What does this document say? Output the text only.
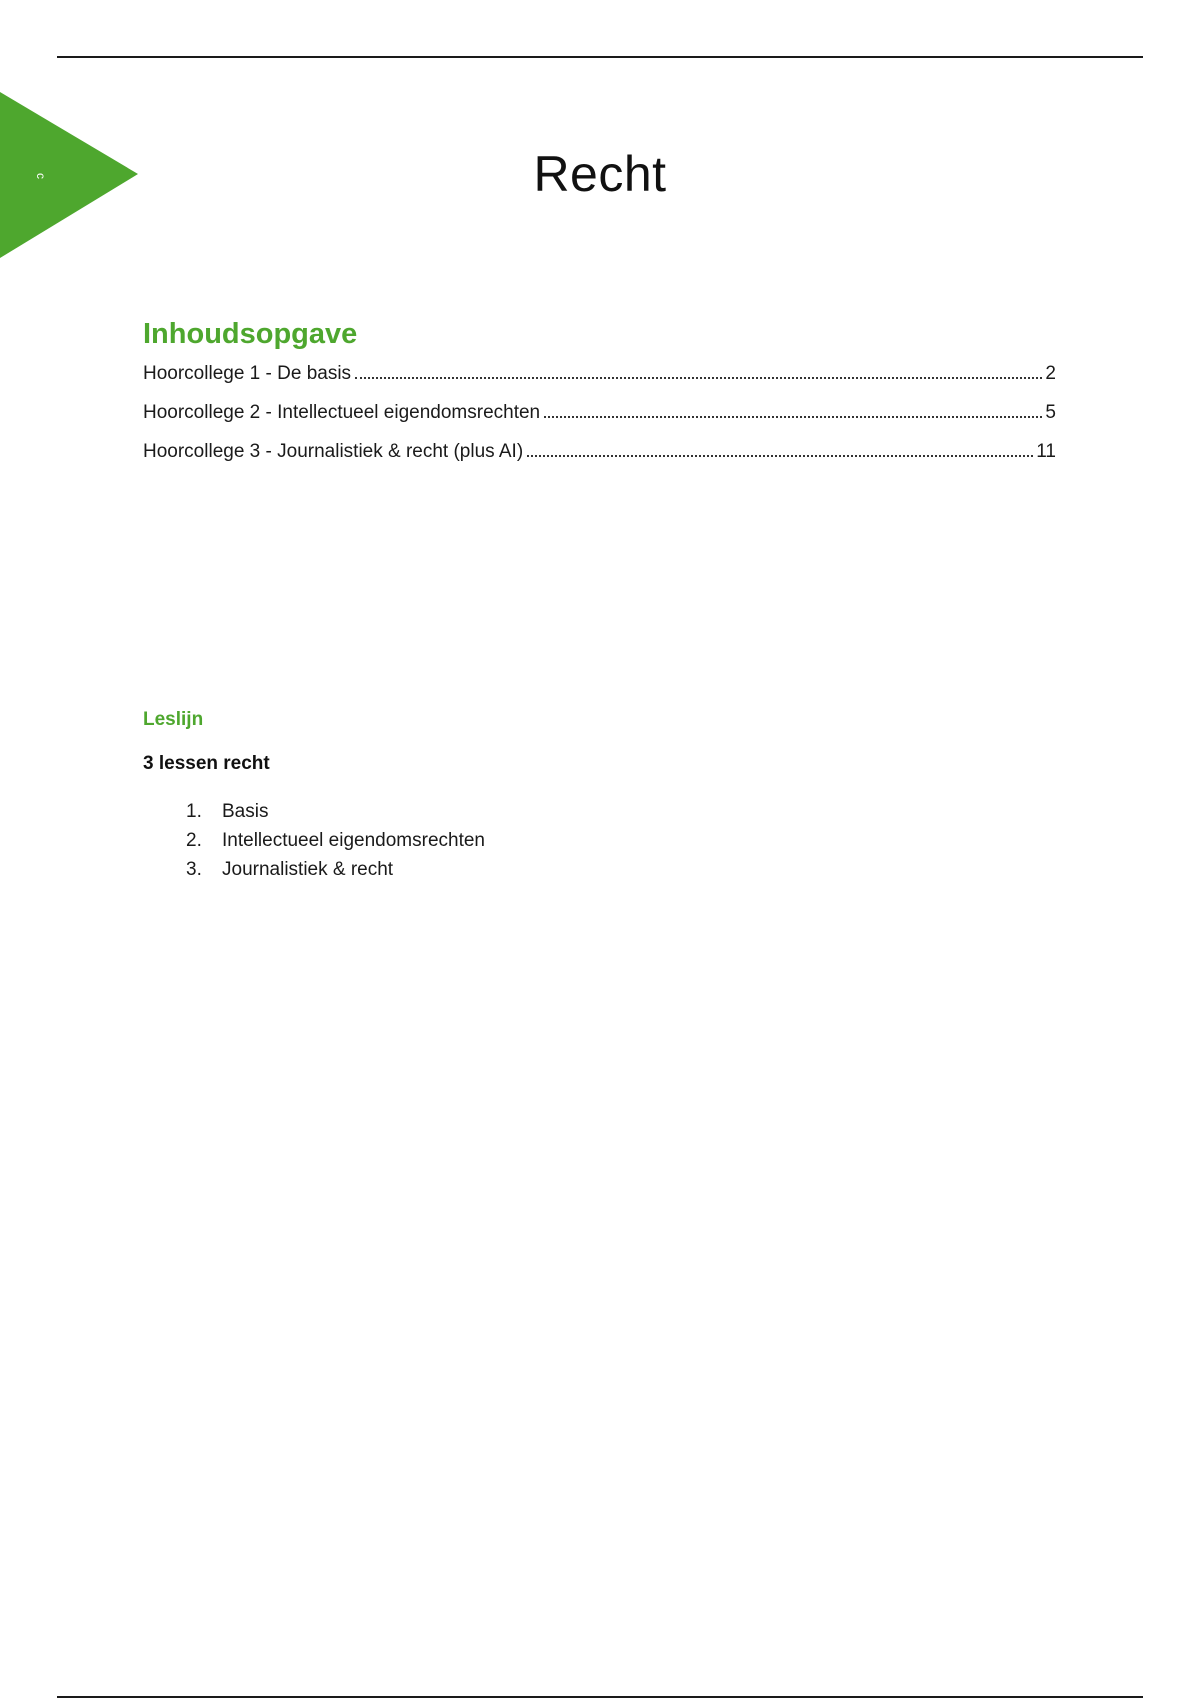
c	Recht
Inhoudsopgave
Hoorcollege 1 - De basis	2
Hoorcollege 2 - Intellectueel eigendomsrechten	5
Hoorcollege 3 - Journalistiek & recht (plus AI)	11
Leslijn
3 lessen recht
1.	Basis
2.	Intellectueel eigendomsrechten
3.	Journalistiek & recht
